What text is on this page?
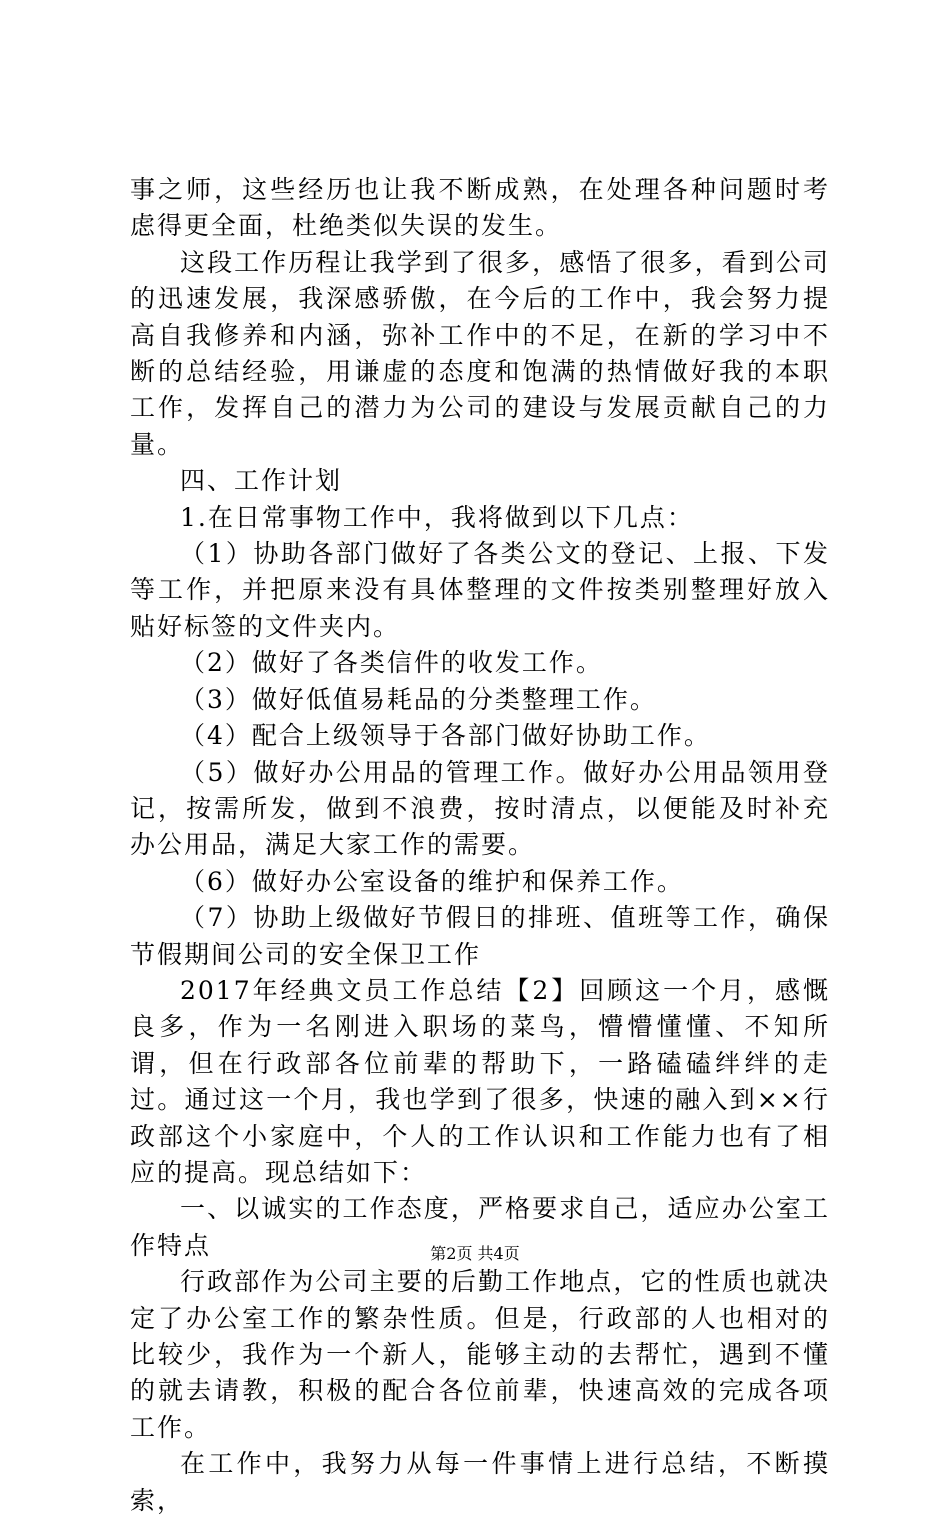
事之师，这些经历也让我不断成熟，在处理各种问题时考虑得更全面，杜绝类似失误的发生。

这段工作历程让我学到了很多，感悟了很多，看到公司的迅速发展，我深感骄傲，在今后的工作中，我会努力提高自我修养和内涵，弥补工作中的不足，在新的学习中不断的总结经验，用谦虚的态度和饱满的热情做好我的本职工作，发挥自己的潜力为公司的建设与发展贡献自己的力量。

四、工作计划

1.在日常事物工作中，我将做到以下几点：

（1）协助各部门做好了各类公文的登记、上报、下发等工作，并把原来没有具体整理的文件按类别整理好放入贴好标签的文件夹内。

（2）做好了各类信件的收发工作。

（3）做好低值易耗品的分类整理工作。

（4）配合上级领导于各部门做好协助工作。

（5）做好办公用品的管理工作。做好办公用品领用登记，按需所发，做到不浪费，按时清点，以便能及时补充办公用品，满足大家工作的需要。

（6）做好办公室设备的维护和保养工作。

（7）协助上级做好节假日的排班、值班等工作，确保节假期间公司的安全保卫工作

2017年经典文员工作总结【2】回顾这一个月，感慨良多，作为一名刚进入职场的菜鸟，懵懵懂懂、不知所谓，但在行政部各位前辈的帮助下，一路磕磕绊绊的走过。通过这一个月，我也学到了很多，快速的融入到××行政部这个小家庭中，个人的工作认识和工作能力也有了相应的提高。现总结如下：

一、以诚实的工作态度，严格要求自己，适应办公室工作特点

行政部作为公司主要的后勤工作地点，它的性质也就决定了办公室工作的繁杂性质。但是，行政部的人也相对的比较少，我作为一个新人，能够主动的去帮忙，遇到不懂的就去请教，积极的配合各位前辈，快速高效的完成各项工作。

在工作中，我努力从每一件事情上进行总结，不断摸索，

第2页 共4页
